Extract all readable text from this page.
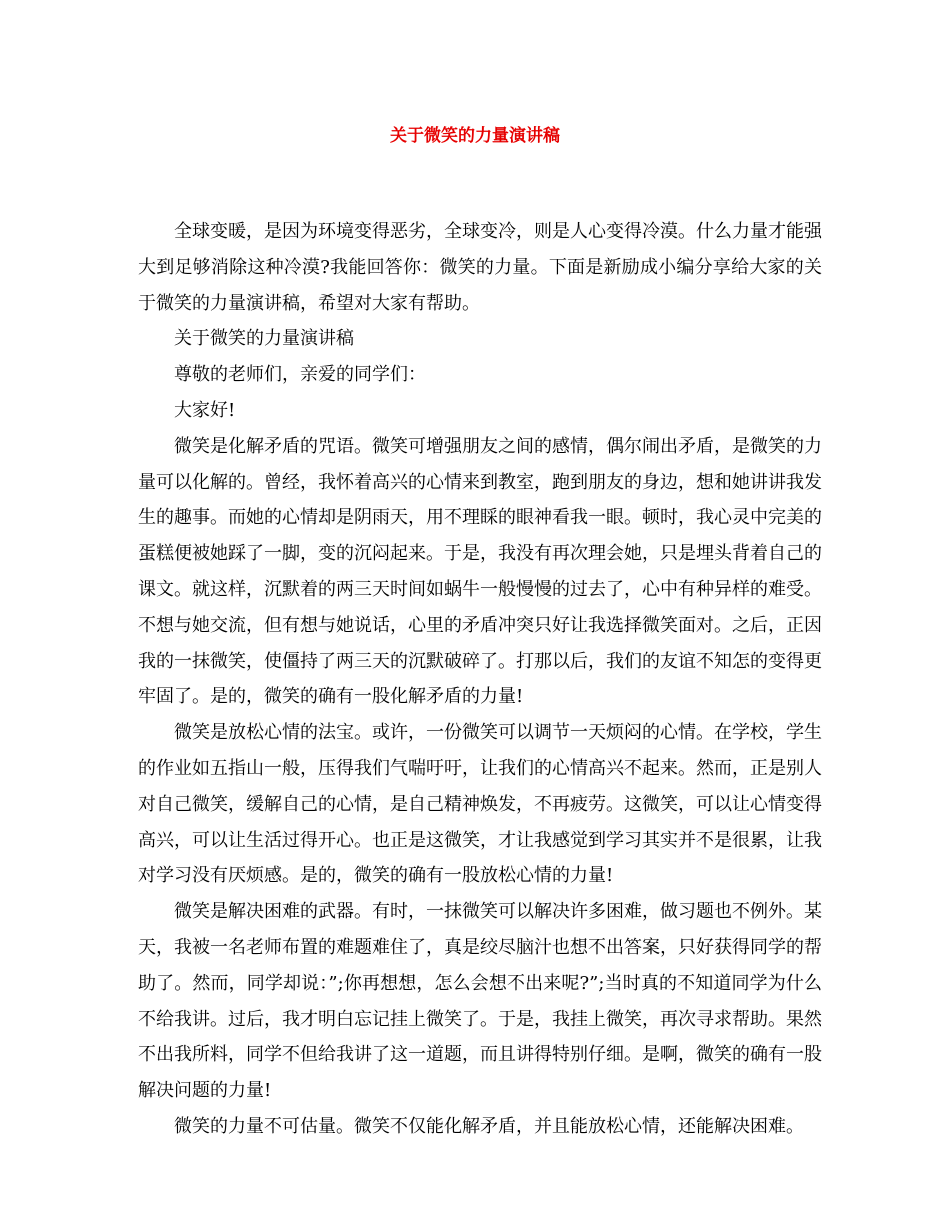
关于微笑的力量演讲稿

全球变暖，是因为环境变得恶劣，全球变冷，则是人心变得冷漠。什么力量才能强大到足够消除这种冷漠?我能回答你：微笑的力量。下面是新励成小编分享给大家的关于微笑的力量演讲稿，希望对大家有帮助。

关于微笑的力量演讲稿

尊敬的老师们，亲爱的同学们：

大家好!

微笑是化解矛盾的咒语。微笑可增强朋友之间的感情，偶尔闹出矛盾，是微笑的力量可以化解的。曾经，我怀着高兴的心情来到教室，跑到朋友的身边，想和她讲讲我发生的趣事。而她的心情却是阴雨天，用不理睬的眼神看我一眼。顿时，我心灵中完美的蛋糕便被她踩了一脚，变的沉闷起来。于是，我没有再次理会她，只是埋头背着自己的课文。就这样，沉默着的两三天时间如蜗牛一般慢慢的过去了，心中有种异样的难受。不想与她交流，但有想与她说话，心里的矛盾冲突只好让我选择微笑面对。之后，正因我的一抹微笑，使僵持了两三天的沉默破碎了。打那以后，我们的友谊不知怎的变得更牢固了。是的，微笑的确有一股化解矛盾的力量!

微笑是放松心情的法宝。或许，一份微笑可以调节一天烦闷的心情。在学校，学生的作业如五指山一般，压得我们气喘吁吁，让我们的心情高兴不起来。然而，正是别人对自己微笑，缓解自己的心情，是自己精神焕发，不再疲劳。这微笑，可以让心情变得高兴，可以让生活过得开心。也正是这微笑，才让我感觉到学习其实并不是很累，让我对学习没有厌烦感。是的，微笑的确有一股放松心情的力量!

微笑是解决困难的武器。有时，一抹微笑可以解决许多困难，做习题也不例外。某天，我被一名老师布置的难题难住了，真是绞尽脑汁也想不出答案，只好获得同学的帮助了。然而，同学却说：”;你再想想，怎么会想不出来呢?”;当时真的不知道同学为什么不给我讲。过后，我才明白忘记挂上微笑了。于是，我挂上微笑，再次寻求帮助。果然不出我所料，同学不但给我讲了这一道题，而且讲得特别仔细。是啊，微笑的确有一股解决问题的力量!

微笑的力量不可估量。微笑不仅能化解矛盾，并且能放松心情，还能解决困难。
